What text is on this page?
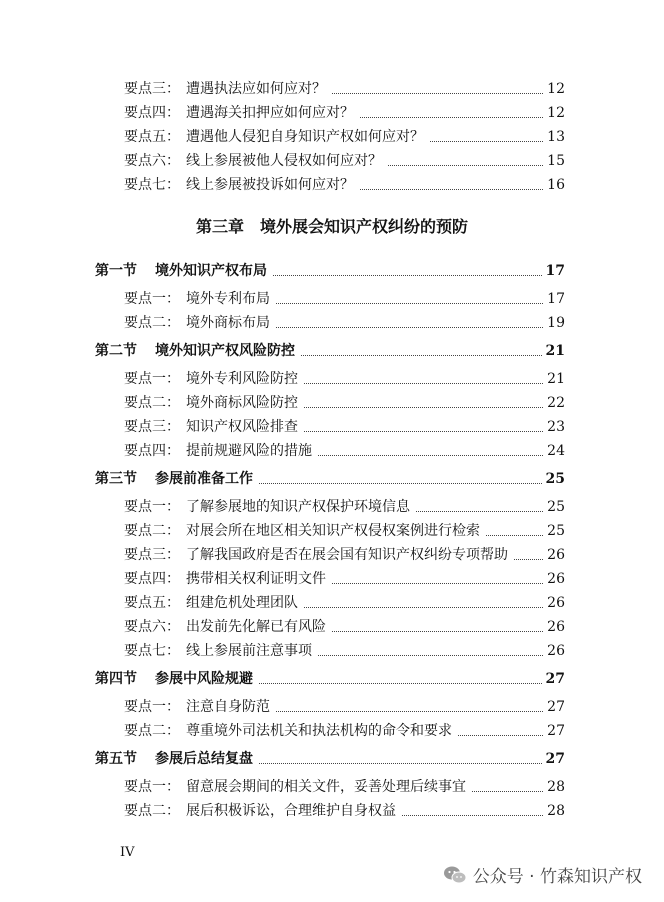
要点三 ： 遭遇执法应如何应对？	12
要点四 ： 遭遇海关扣押应如何应对？	12
要点五 ： 遭遇他人侵犯自身知识产权如何应对？	13
要点六 ： 线上参展被他人侵权如何应对？	15
要点七 ： 线上参展被投诉如何应对？	16
第三章 境外展会知识产权纠纷的预防
第一节 境外知识产权布局	17
要点一 ： 境外专利布局	17
要点二 ： 境外商标布局	19
第二节 境外知识产权风险防控	21
要点一 ： 境外专利风险防控	21
要点二 ： 境外商标风险防控	22
要点三 ： 知识产权风险排查	23
要点四 ： 提前规避风险的措施	24
第三节 参展前准备工作	25
要点一 ： 了解参展地的知识产权保护环境信息	25
要点二 ： 对展会所在地区相关知识产权侵权案例进行检索	25
要点三 ： 了解我国政府是否在展会国有知识产权纠纷专项帮助	26
要点四 ： 携带相关权利证明文件	26
要点五 ： 组建危机处理团队	26
要点六 ： 出发前先化解已有风险	26
要点七 ： 线上参展前注意事项	26
第四节 参展中风险规避	27
要点一 ： 注意自身防范	27
要点二 ： 尊重境外司法机关和执法机构的命令和要求	27
第五节 参展后总结复盘	27
要点一 ： 留意展会期间的相关文件，妥善处理后续事宜	28
要点二 ： 展后积极诉讼，合理维护自身权益	28
IV
公众号 · 竹森知识产权
